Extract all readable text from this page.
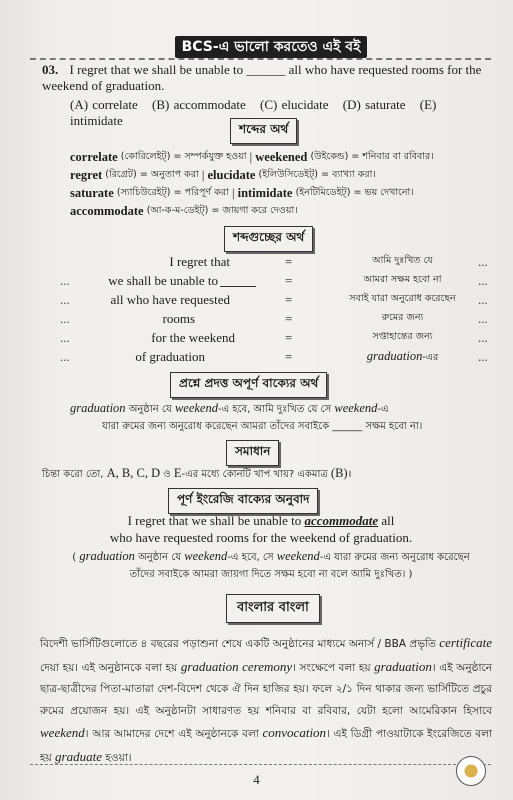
BCS-এ ভালো করতেও এই বই
03. I regret that we shall be unable to ______ all who have requested rooms for the weekend of graduation.
(A) correlate (B) accommodate (C) elucidate (D) saturate (E) intimidate
শব্দের অর্থ
correlate
(কোরিলেইট্)
= সম্পর্কযুক্ত হওয়া | weekened
(উইকেন্ড)
= শনিবার বা রবিবার।
regret
(রিগ্রেট)
= অনুতাপ করা | elucidate
(ইলিউসিডেইট্)
= ব্যাখ্যা করা।
saturate
(স্যাচিউরেইট্)
= পরিপূর্ণ করা | intimidate
(ইনটিমিডেইট্)
= ভয় দেখানো।
accommodate
(আ-ক-ম-ডেইট্)
= জায়গা করে দেওয়া।
শব্দগুচ্ছের অর্থ
I regret that	=	আমি দুঃখিত যে	...
...	we shall be unable to	=	আমরা সক্ষম হবো না	...
...	all who have requested	=	সবাই যারা অনুরোধ করেছেন	...
...	rooms	=	রুমের জন্য	...
...	for the weekend	=	সপ্তাহান্তের জন্য	...
...	of graduation	=	graduation-এর	...
প্রশ্নে প্রদত্ত অপূর্ণ বাক্যের অর্থ
graduation অনুষ্ঠান যে weekend-এ হবে, আমি দুঃখিত যে সে weekend-এ
যারা রুমের জন্য অনুরোধ করেছেন আমরা তাঁদের সবাইকে ______ সক্ষম হবো না।
সমাধান
চিন্তা করো তো, A, B, C, D ও E-এর মধ্যে কোনটি খাপ খায়? একমাত্র (B)।
পূর্ণ ইংরেজি বাক্যের অনুবাদ
I regret that we shall be unable to accommodate all
who have requested rooms for the weekend of graduation.
( graduation অনুষ্ঠান যে weekend-এ হবে, সে weekend-এ যারা রুমের জন্য অনুরোধ করেছেন
তাঁদের সবাইকে আমরা জায়গা দিতে সক্ষম হবো না বলে আমি দুঃখিত। )
বাংলার বাংলা
বিদেশী ভার্সিটিগুলোতে ৪ বছরের পড়াশুনা শেষে একটি অনুষ্ঠানের মাধ্যমে অনার্স / BBA প্রভৃতি certificate দেয়া হয়। এই অনুষ্ঠানকে বলা হয় graduation ceremony। সংক্ষেপে বলা হয় graduation। এই অনুষ্ঠানে ছাত্র-ছাত্রীদের পিতা-মাতারা দেশ-বিদেশ থেকে ঐ দিন হাজির হয়। ফলে ২/১ দিন থাকার জন্য ভার্সিটিতে প্রচুর রুমের প্রয়োজন হয়। এই অনুষ্ঠানটা সাধারণত হয় শনিবার বা রবিবার, যেটা হলো আমেরিকান হিসাবে weekend। আর আমাদের দেশে এই অনুষ্ঠানকে বলা convocation। এই ডিগ্রী পাওয়াটাকে ইংরেজিতে বলা হয় graduate হওয়া।
4
